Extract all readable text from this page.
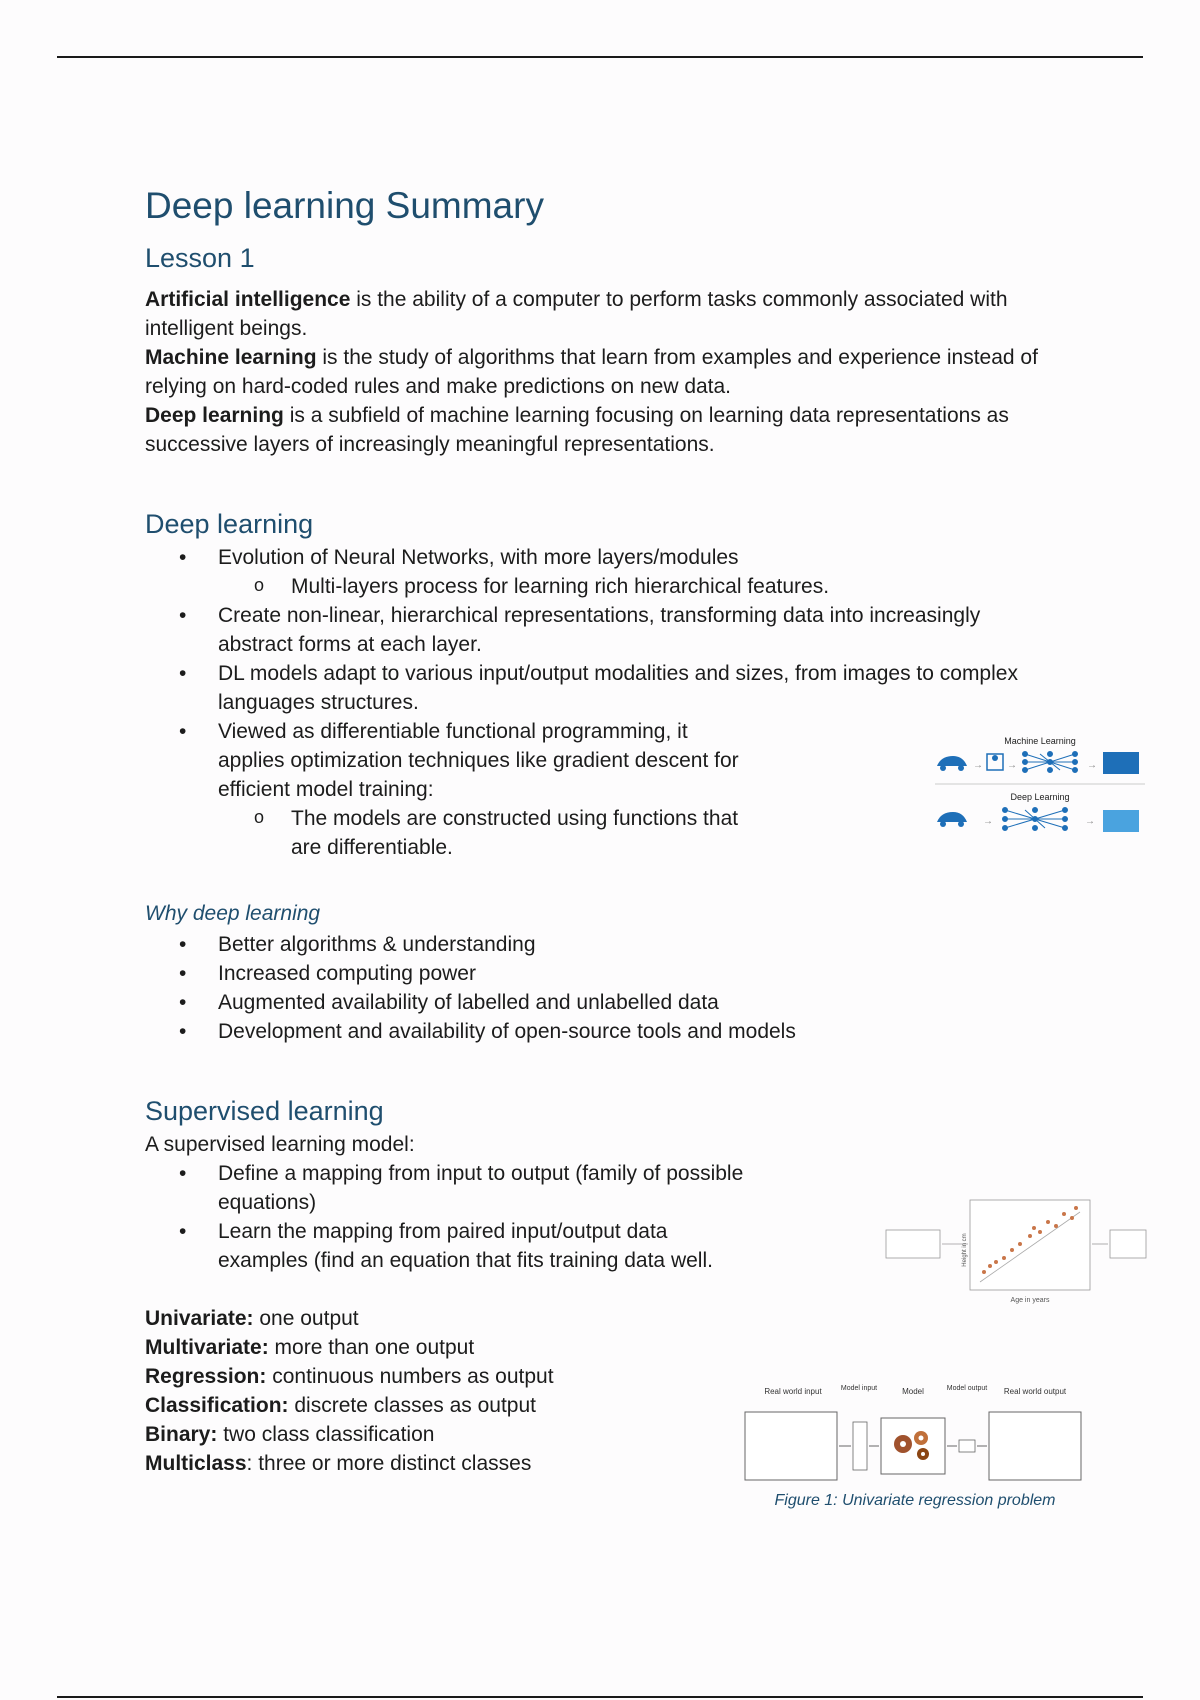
Deep learning Summary
Lesson 1

Artificial intelligence is the ability of a computer to perform tasks commonly associated with intelligent beings.

Machine learning is the study of algorithms that learn from examples and experience instead of relying on hard-coded rules and make predictions on new data.

Deep learning is a subfield of machine learning focusing on learning data representations as successive layers of increasingly meaningful representations.

Deep learning
• Evolution of Neural Networks, with more layers/modules
o Multi-layers process for learning rich hierarchical features.
• Create non-linear, hierarchical representations, transforming data into increasingly abstract forms at each layer.
• DL models adapt to various input/output modalities and sizes, from images to complex languages structures.
• Viewed as differentiable functional programming, it applies optimization techniques like gradient descent for efficient model training:
o The models are constructed using functions that are differentiable.
Why deep learning
• Better algorithms & understanding
• Increased computing power
• Augmented availability of labelled and unlabelled data
• Development and availability of open-source tools and models
Supervised learning

A supervised learning model:

• Define a mapping from input to output (family of possible equations)
• Learn the mapping from paired input/output data examples (find an equation that fits training data well.

Univariate: one output

Multivariate: more than one output

Regression: continuous numbers as output

Classification: discrete classes as output

Binary: two class classification

Multiclass: three or more distinct classes

Machine Learning
→ →	→
Deep Learning
→	→
Age in years
Height in cm
Real world input	Model input	Model	Model output Real world output
Figure 1: Univariate regression problem
